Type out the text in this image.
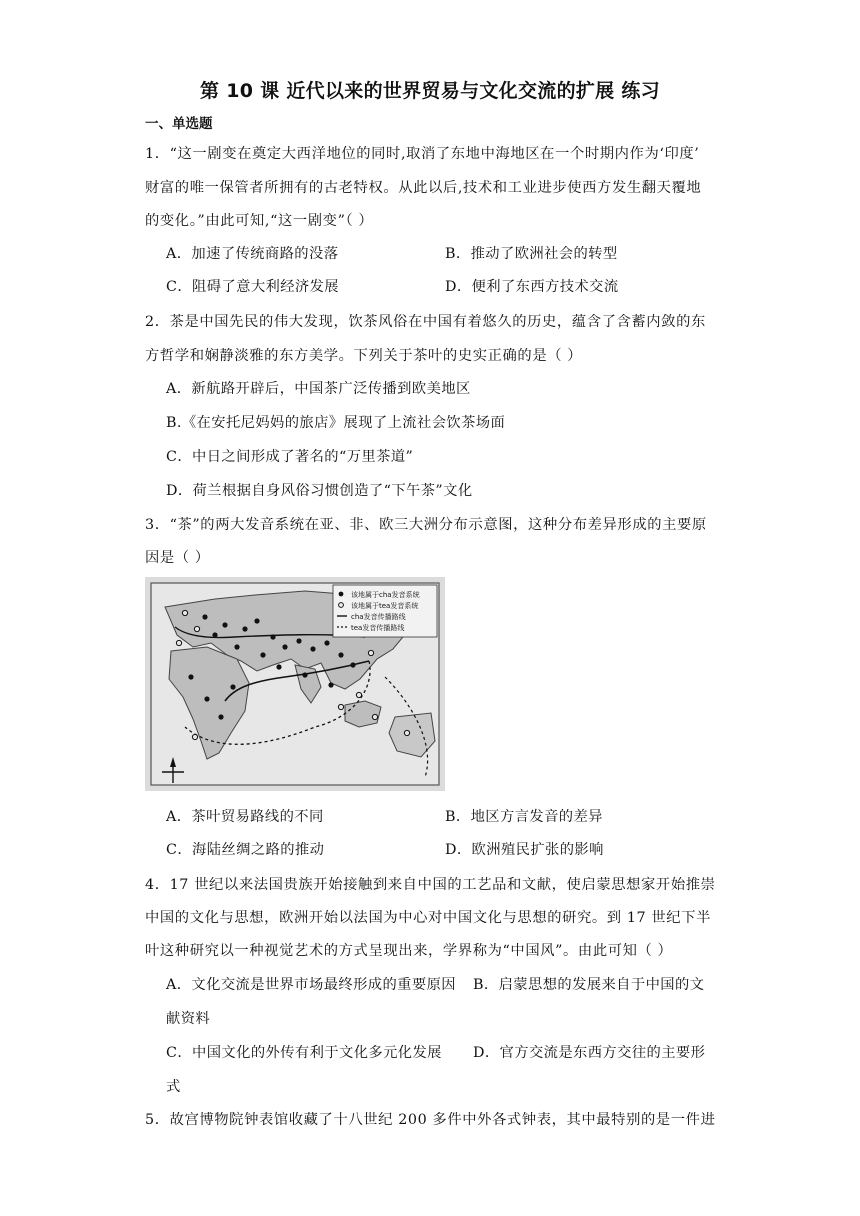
第 10 课 近代以来的世界贸易与文化交流的扩展 练习
一、单选题
1．“这一剧变在奠定大西洋地位的同时,取消了东地中海地区在一个时期内作为‘印度’
财富的唯一保管者所拥有的古老特权。从此以后,技术和工业进步使西方发生翻天覆地
的变化。”由此可知,“这一剧变”（ ）
A．加速了传统商路的没落	B．推动了欧洲社会的转型
C．阻碍了意大利经济发展	D．便利了东西方技术交流
2．茶是中国先民的伟大发现，饮茶风俗在中国有着悠久的历史，蕴含了含蓄内敛的东
方哲学和娴静淡雅的东方美学。下列关于茶叶的史实正确的是（ ）
A．新航路开辟后，中国茶广泛传播到欧美地区
B.《在安托尼妈妈的旅店》展现了上流社会饮茶场面
C．中日之间形成了著名的“万里茶道”
D．荷兰根据自身风俗习惯创造了“下午茶”文化
3．“茶”的两大发音系统在亚、非、欧三大洲分布示意图，这种分布差异形成的主要原
因是（ ）
该地属于cha发音系统
该地属于tea发音系统
cha发音传播路线
tea发音传播路线
A．茶叶贸易路线的不同	B．地区方言发音的差异
C．海陆丝绸之路的推动	D．欧洲殖民扩张的影响
4．17 世纪以来法国贵族开始接触到来自中国的工艺品和文献，使启蒙思想家开始推崇
中国的文化与思想，欧洲开始以法国为中心对中国文化与思想的研究。到 17 世纪下半
叶这种研究以一种视觉艺术的方式呈现出来，学界称为“中国风”。由此可知（ ）
A．文化交流是世界市场最终形成的重要原因 B．启蒙思想的发展来自于中国的文
献资料
C．中国文化的外传有利于文化多元化发展 D．官方交流是东西方交往的主要形
式
5．故宫博物院钟表馆收藏了十八世纪 200 多件中外各式钟表，其中最特别的是一件进
